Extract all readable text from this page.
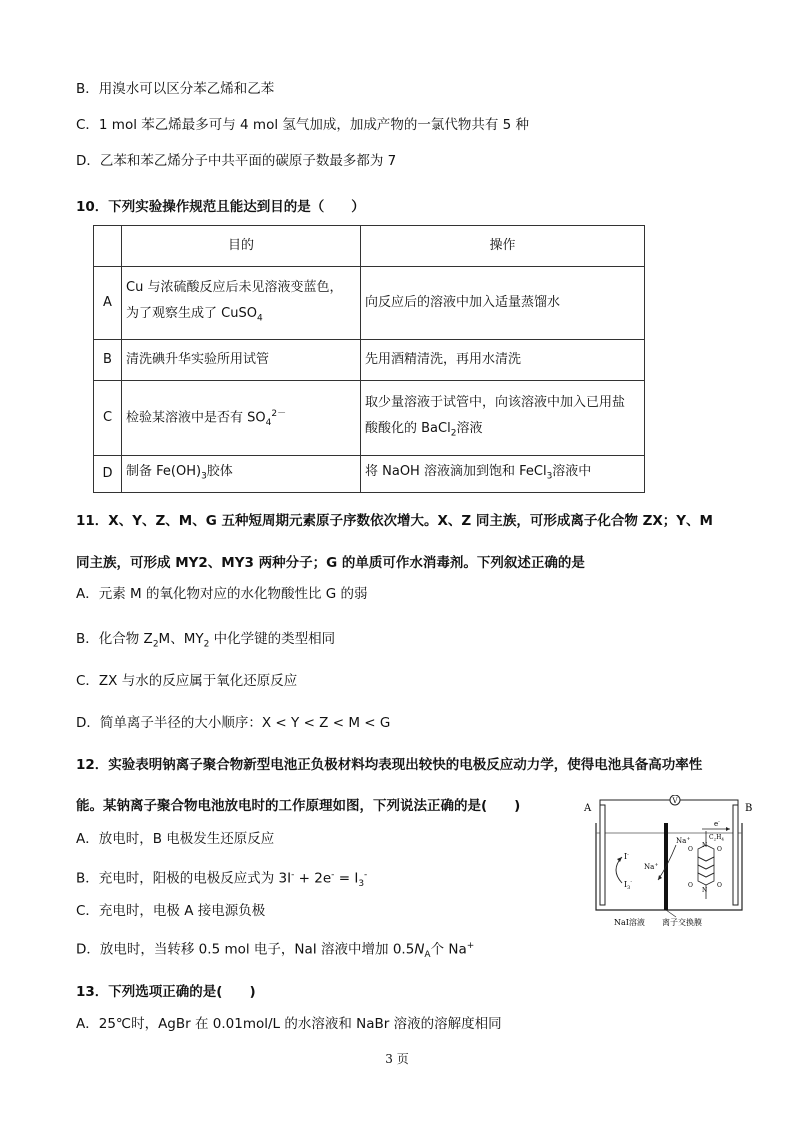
B．用溴水可以区分苯乙烯和乙苯
C．1 mol 苯乙烯最多可与 4 mol 氢气加成，加成产物的一氯代物共有 5 种
D．乙苯和苯乙烯分子中共平面的碳原子数最多都为 7
10．下列实验操作规范且能达到目的是（　　）
	目的	操作
A	Cu 与浓硫酸反应后未见溶液变蓝色，
为了观察生成了 CuSO$_4$	向反应后的溶液中加入适量蒸馏水
B	清洗碘升华实验所用试管	先用酒精清洗，再用水清洗
C	检验某溶液中是否有 $SO_4^{2-}$	取少量溶液于试管中，向该溶液中加入已用盐
酸酸化的 BaCl$_2$溶液

D	制备 $Fe(OH)_3$胶体	将 NaOH 溶液滴加到饱和 FeCl$_3$溶液中
11．X、Y、Z、M、G 五种短周期元素原子序数依次增大。X、Z 同主族，可形成离子化合物 ZX；Y、M
同主族，可形成 MY2、MY3 两种分子；G 的单质可作水消毒剂。下列叙述正确的是
A．元素 M 的氧化物对应的水化物酸性比 G 的弱
B．化合物 $Z_2M$、$MY_2$ 中化学键的类型相同
C．ZX 与水的反应属于氧化还原反应
D．简单离子半径的大小顺序：X < Y < Z < M < G
12．实验表明钠离子聚合物新型电池正负极材料均表现出较快的电极反应动力学，使得电池具备高功率性
能。某钠离子聚合物电池放电时的工作原理如图，下列说法正确的是(　　)
A．放电时，B 电极发生还原反应
B．充电时，阳极的电极反应式为 $3I^- + 2e^- = I_3^-$
C．充电时，电极 A 接电源负极
D．放电时，当转移 0.5 mol 电子，NaI 溶液中增加 $0.5N_A$个 Na+
V
A	B
e-
I-
$I_3^-$
Na+
Na+
N
N
O	O
O	O
$C_2H_4$
NaI溶液 离子交换膜
13．下列选项正确的是(　　)
A．25℃时，AgBr 在 0.01mol/L 的水溶液和 NaBr 溶液的溶解度相同
3 页
